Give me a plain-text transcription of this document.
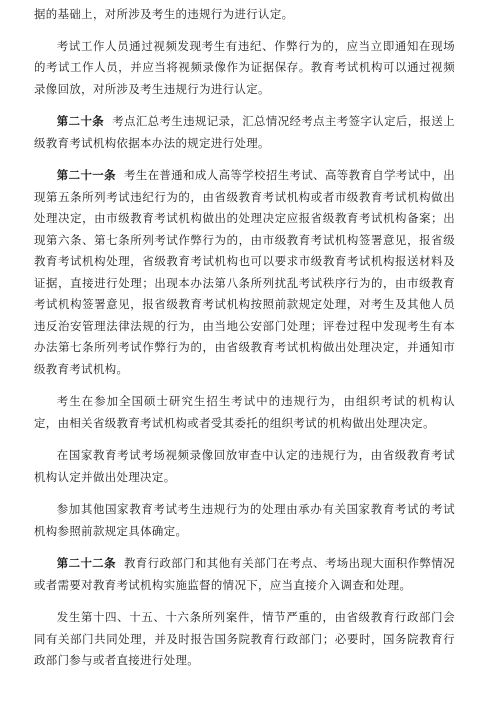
据的基础上，对所涉及考生的违规行为进行认定。

考试工作人员通过视频发现考生有违纪、作弊行为的，应当立即通知在现场的考试工作人员，并应当将视频录像作为证据保存。教育考试机构可以通过视频录像回放，对所涉及考生违规行为进行认定。

第二十条 考点汇总考生违规记录，汇总情况经考点主考签字认定后，报送上级教育考试机构依据本办法的规定进行处理。

第二十一条 考生在普通和成人高等学校招生考试、高等教育自学考试中，出现第五条所列考试违纪行为的，由省级教育考试机构或者市级教育考试机构做出处理决定，由市级教育考试机构做出的处理决定应报省级教育考试机构备案；出现第六条、第七条所列考试作弊行为的，由市级教育考试机构签署意见，报省级教育考试机构处理，省级教育考试机构也可以要求市级教育考试机构报送材料及证据，直接进行处理；出现本办法第八条所列扰乱考试秩序行为的，由市级教育考试机构签署意见，报省级教育考试机构按照前款规定处理，对考生及其他人员违反治安管理法律法规的行为，由当地公安部门处理；评卷过程中发现考生有本办法第七条所列考试作弊行为的，由省级教育考试机构做出处理决定，并通知市级教育考试机构。

考生在参加全国硕士研究生招生考试中的违规行为，由组织考试的机构认定，由相关省级教育考试机构或者受其委托的组织考试的机构做出处理决定。

在国家教育考试考场视频录像回放审查中认定的违规行为，由省级教育考试机构认定并做出处理决定。

参加其他国家教育考试考生违规行为的处理由承办有关国家教育考试的考试机构参照前款规定具体确定。

第二十二条 教育行政部门和其他有关部门在考点、考场出现大面积作弊情况或者需要对教育考试机构实施监督的情况下，应当直接介入调查和处理。

发生第十四、十五、十六条所列案件，情节严重的，由省级教育行政部门会同有关部门共同处理，并及时报告国务院教育行政部门；必要时，国务院教育行政部门参与或者直接进行处理。
